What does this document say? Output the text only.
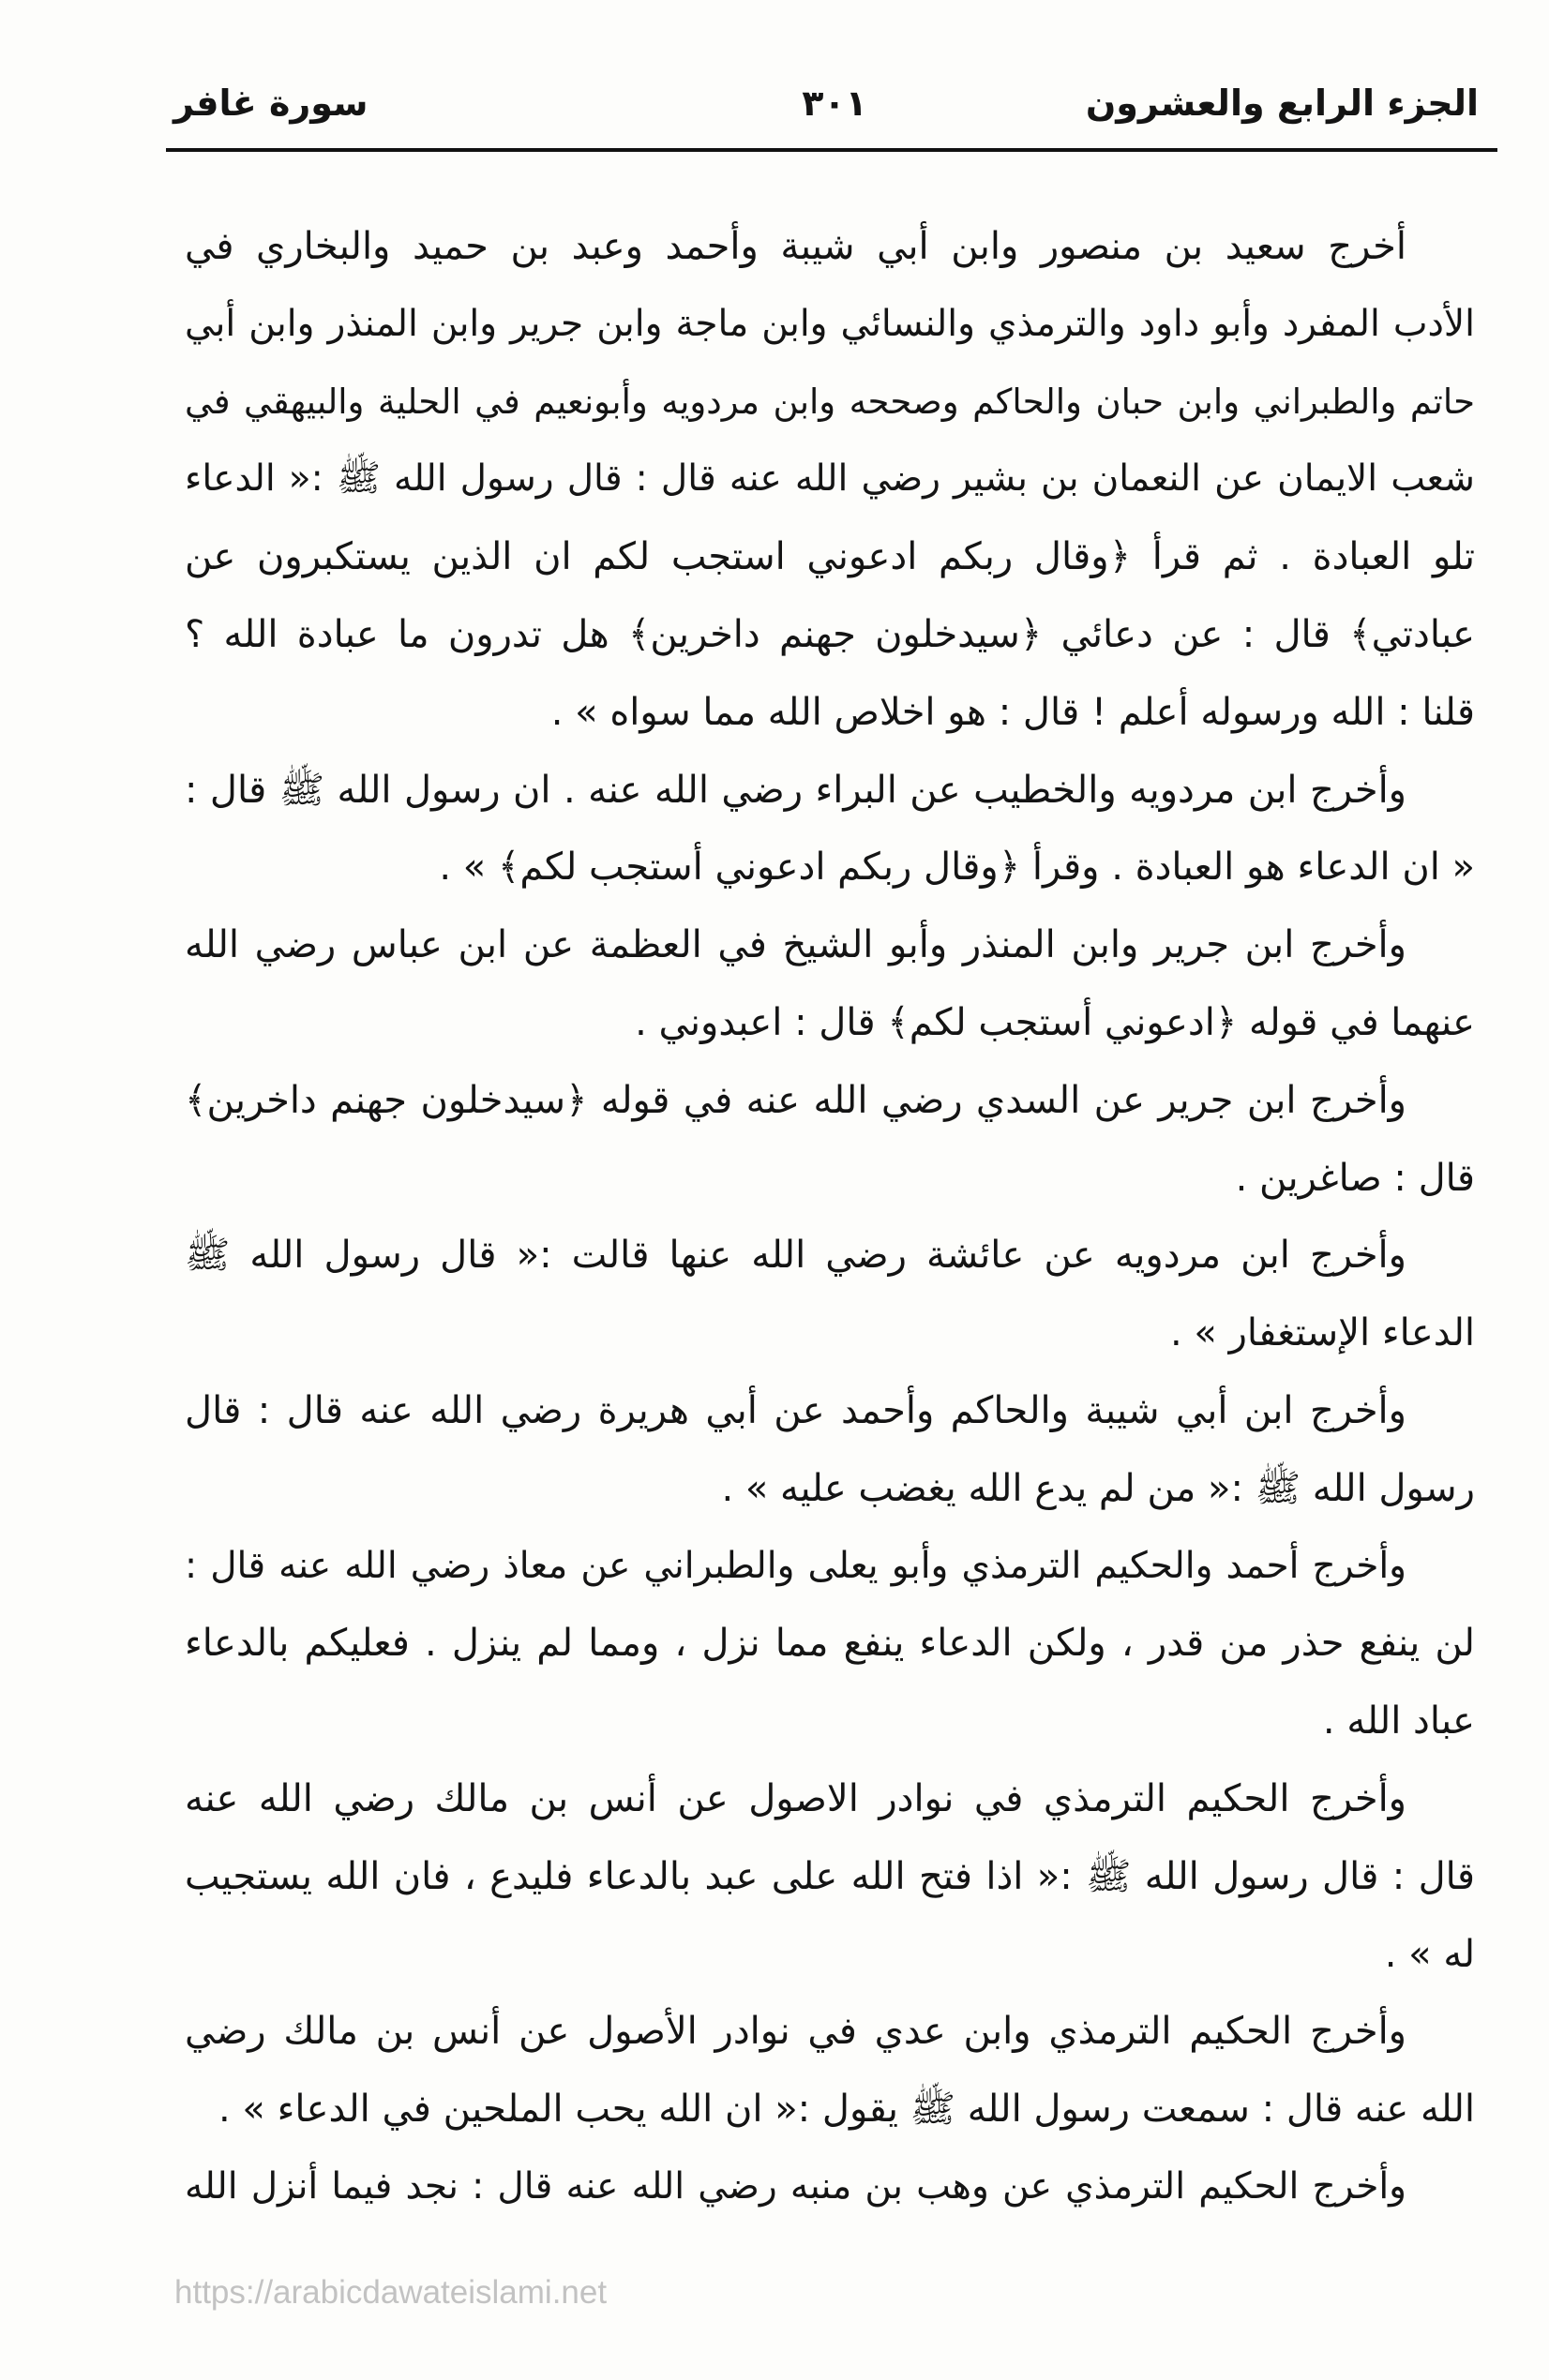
الجزء الرابع والعشرون
٣٠١
سورة غافر
أخرج سعيد بن منصور وابن أبي شيبة وأحمد وعبد بن حميد والبخاري في
الأدب المفرد وأبو داود والترمذي والنسائي وابن ماجة وابن جرير وابن المنذر وابن أبي
حاتم والطبراني وابن حبان والحاكم وصححه وابن مردويه وأبونعيم في الحلية والبيهقي في
شعب الايمان عن النعمان بن بشير رضي الله عنه قال : قال رسول الله ﷺ :« الدعاء
تلو العبادة . ثم قرأ ﴿وقال ربكم ادعوني استجب لكم ان الذين يستكبرون عن
عبادتي﴾ قال : عن دعائي ﴿سيدخلون جهنم داخرين﴾ هل تدرون ما عبادة الله ؟
قلنا : الله ورسوله أعلم ! قال : هو اخلاص الله مما سواه » .
وأخرج ابن مردويه والخطيب عن البراء رضي الله عنه . ان رسول الله ﷺ قال :
« ان الدعاء هو العبادة . وقرأ ﴿وقال ربكم ادعوني أستجب لكم﴾ » .
وأخرج ابن جرير وابن المنذر وأبو الشيخ في العظمة عن ابن عباس رضي الله
عنهما في قوله ﴿ادعوني أستجب لكم﴾ قال : اعبدوني .
وأخرج ابن جرير عن السدي رضي الله عنه في قوله ﴿سيدخلون جهنم داخرين﴾
قال : صاغرين .
وأخرج ابن مردويه عن عائشة رضي الله عنها قالت :« قال رسول الله ﷺ
الدعاء الإستغفار » .
وأخرج ابن أبي شيبة والحاكم وأحمد عن أبي هريرة رضي الله عنه قال : قال
رسول الله ﷺ :« من لم يدع الله يغضب عليه » .
وأخرج أحمد والحكيم الترمذي وأبو يعلى والطبراني عن معاذ رضي الله عنه قال :
لن ينفع حذر من قدر ، ولكن الدعاء ينفع مما نزل ، ومما لم ينزل . فعليكم بالدعاء
عباد الله .
وأخرج الحكيم الترمذي في نوادر الاصول عن أنس بن مالك رضي الله عنه
قال : قال رسول الله ﷺ :« اذا فتح الله على عبد بالدعاء فليدع ، فان الله يستجيب
له » .
وأخرج الحكيم الترمذي وابن عدي في نوادر الأصول عن أنس بن مالك رضي
الله عنه قال : سمعت رسول الله ﷺ يقول :« ان الله يحب الملحين في الدعاء » .
وأخرج الحكيم الترمذي عن وهب بن منبه رضي الله عنه قال : نجد فيما أنزل الله
https://arabicdawateislami.net
